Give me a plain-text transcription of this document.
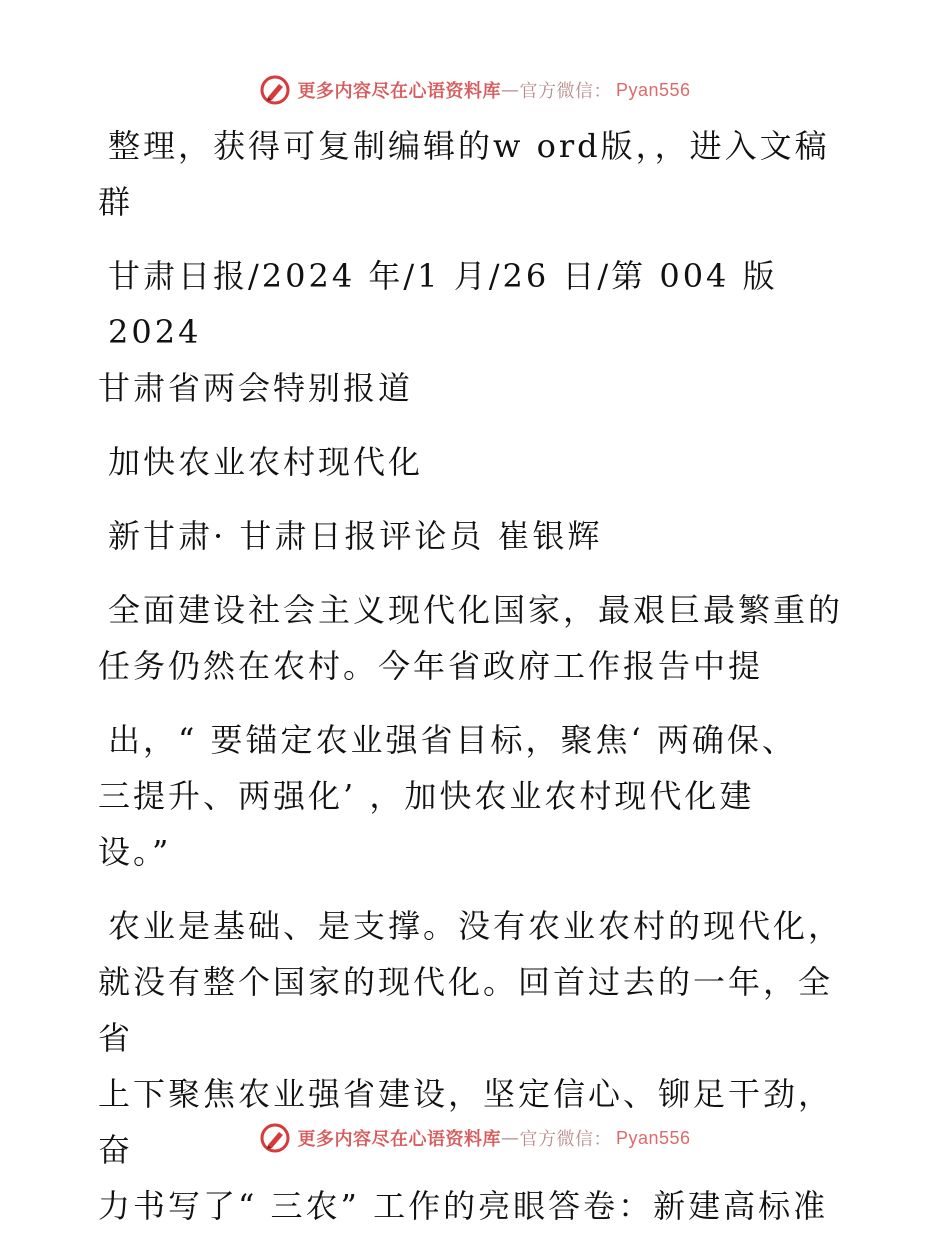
更多内容尽在心语资料库 — 官方微信： Pyan556
整理，获得可复制编辑的w ord版，，进入文稿
群
甘肃日报/2024 年/1 月/26 日/第 004 版2024
甘肃省两会特别报道
加快农业农村现代化
新甘肃· 甘肃日报评论员 崔银辉
全面建设社会主义现代化国家，最艰巨最繁重的
任务仍然在农村。今年省政府工作报告中提
出，“ 要锚定农业强省目标，聚焦‘ 两确保、
三提升、两强化’ ，加快农业农村现代化建
设。”
农业是基础、是支撑。没有农业农村的现代化，
就没有整个国家的现代化。回首过去的一年，全省
上下聚焦农业强省建设，坚定信心、铆足干劲，奋
力书写了“ 三农” 工作的亮眼答卷：新建高标准
更多内容尽在心语资料库 — 官方微信： Pyan556
